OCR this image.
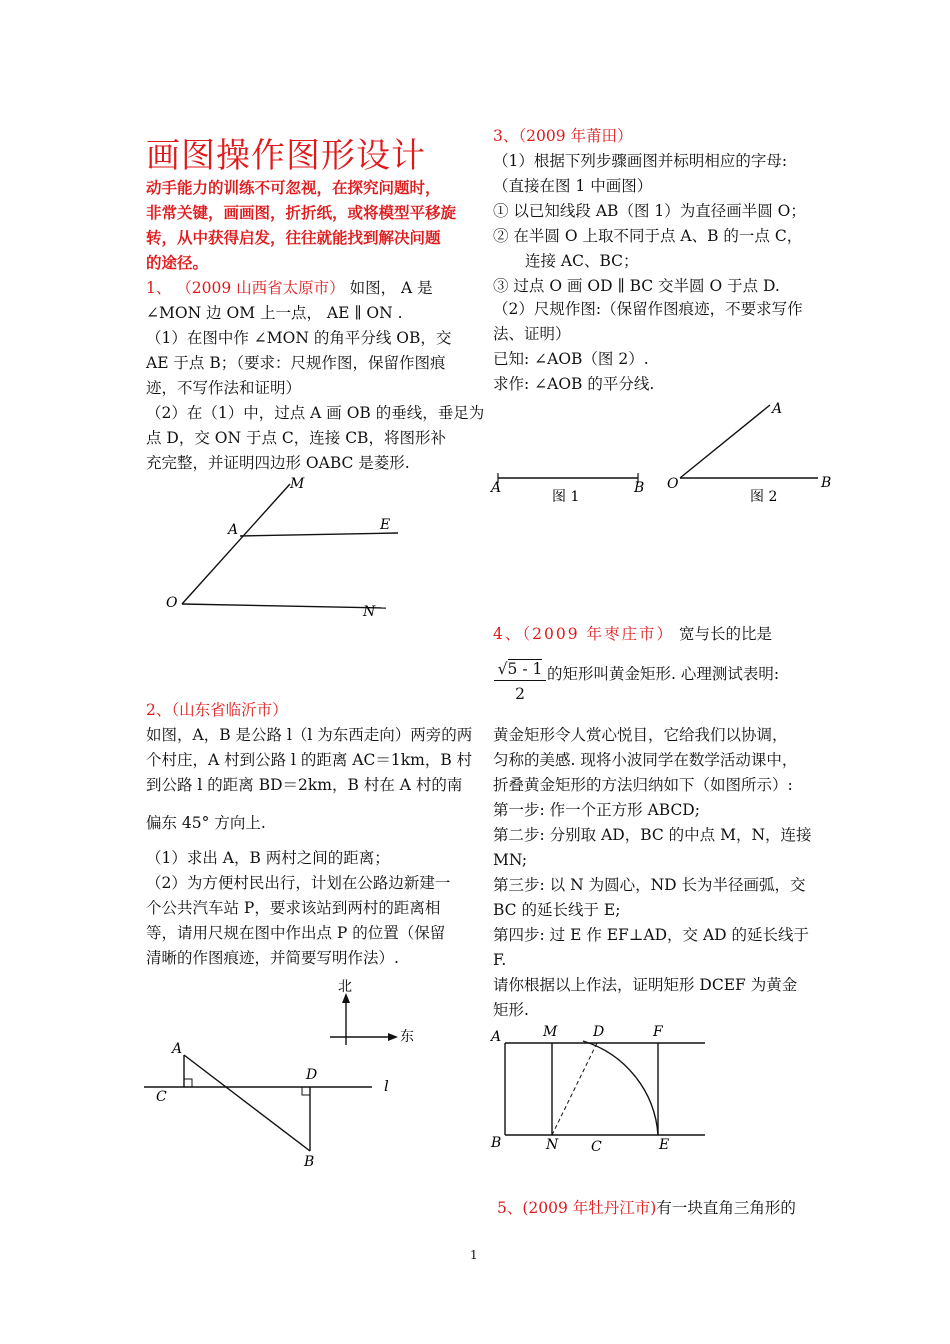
画图操作图形设计
动手能力的训练不可忽视，在探究问题时，
非常关键，画画图，折折纸，或将模型平移旋
转，从中获得启发，往往就能找到解决问题
的途径。
1、 （2009 山西省太原市） 如图， A 是
∠MON 边 OM 上一点， AE ∥ ON .
（1）在图中作 ∠MON 的角平分线 OB，交
AE 于点 B；（要求：尺规作图，保留作图痕
迹，不写作法和证明）
（2）在（1）中，过点 A 画 OB 的垂线，垂足为
点 D，交 ON 于点 C，连接 CB，将图形补
充完整，并证明四边形 OABC 是菱形.
M
A	E
O
N
2、（山东省临沂市）
如图，A，B 是公路 l（l 为东西走向）两旁的两
个村庄，A 村到公路 l 的距离 AC＝1km，B 村
到公路 l 的距离 BD＝2km，B 村在 A 村的南
偏东 45° 方向上.
（1）求出 A，B 两村之间的距离；
（2）为方便村民出行，计划在公路边新建一
个公共汽车站 P，要求该站到两村的距离相
等，请用尺规在图中作出点 P 的位置（保留
清晰的作图痕迹，并简要写明作法）.
北
东
A
C
D
l
B
3、（2009 年莆田）
（1）根据下列步骤画图并标明相应的字母:
（直接在图 1 中画图）
① 以已知线段 AB（图 1）为直径画半圆 O；
② 在半圆 O 上取不同于点 A、B 的一点 C，
连接 AC、BC；
③ 过点 O 画 OD ∥ BC 交半圆 O 于点 D.
（2）尺规作图:（保留作图痕迹，不要求写作
法、证明）
已知: ∠AOB（图 2）.
求作: ∠AOB 的平分线.
A	B
图 1
A
O	B
图 2
4、（2009 年枣庄市） 宽与长的比是
√5 - 1
2
的矩形叫黄金矩形. 心理测试表明:
黄金矩形令人赏心悦目，它给我们以协调，
匀称的美感. 现将小波同学在数学活动课中，
折叠黄金矩形的方法归纳如下（如图所示）:
第一步: 作一个正方形 ABCD;
第二步: 分别取 AD，BC 的中点 M，N，连接
MN;
第三步: 以 N 为圆心，ND 长为半径画弧，交
BC 的延长线于 E;
第四步: 过 E 作 EF⊥AD，交 AD 的延长线于
F.
请你根据以上作法，证明矩形 DCEF 为黄金
矩形.
A	M	D	F
B	N C	E
5、(2009 年牡丹江市)有一块直角三角形的
1
